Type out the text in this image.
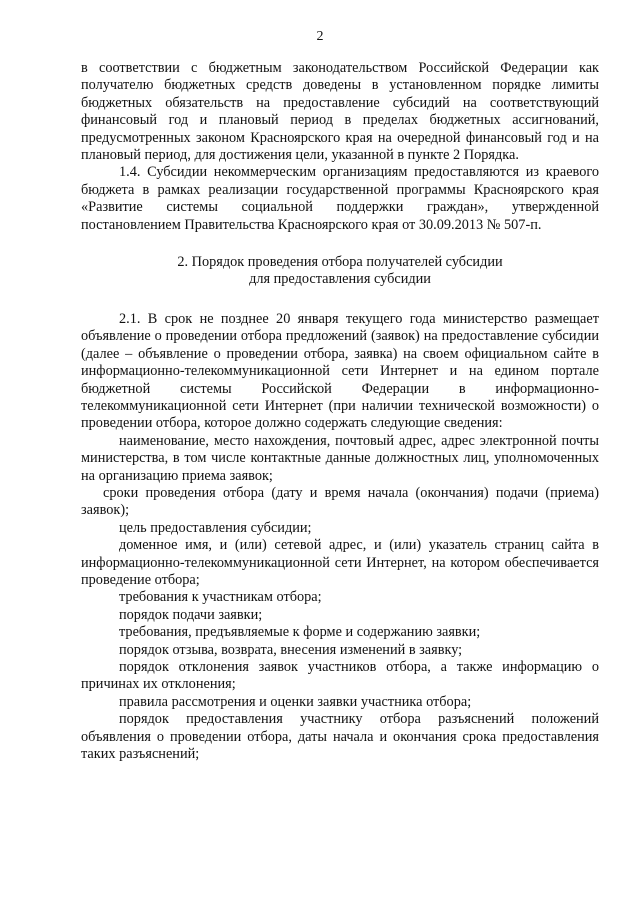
2

в соответствии с бюджетным законодательством Российской Федерации как получателю бюджетных средств доведены в установленном порядке лимиты бюджетных обязательств на предоставление субсидий на соответствующий финансовый год и плановый период в пределах бюджетных ассигнований, предусмотренных законом Красноярского края на очередной финансовый год и на плановый период, для достижения цели, указанной в пункте 2 Порядка.

1.4. Субсидии некоммерческим организациям предоставляются из краевого бюджета в рамках реализации государственной программы Красноярского края «Развитие системы социальной поддержки граждан», утвержденной постановлением Правительства Красноярского края от 30.09.2013 № 507-п.

2. Порядок проведения отбора получателей субсидии
для предоставления субсидии

2.1. В срок не позднее 20 января текущего года министерство размещает объявление о проведении отбора предложений (заявок) на предоставление субсидии (далее – объявление о проведении отбора, заявка) на своем официальном сайте в информационно-телекоммуникационной сети Интернет и на едином портале бюджетной системы Российской Федерации в информационно-телекоммуникационной сети Интернет (при наличии технической возможности) о проведении отбора, которое должно содержать следующие сведения:

наименование, место нахождения, почтовый адрес, адрес электронной почты министерства, в том числе контактные данные должностных лиц, уполномоченных на организацию приема заявок;

сроки проведения отбора (дату и время начала (окончания) подачи (приема) заявок);

цель предоставления субсидии;

доменное имя, и (или) сетевой адрес, и (или) указатель страниц сайта в информационно-телекоммуникационной сети Интернет, на котором обеспечивается проведение отбора;

требования к участникам отбора;

порядок подачи заявки;

требования, предъявляемые к форме и содержанию заявки;

порядок отзыва, возврата, внесения изменений в заявку;

порядок отклонения заявок участников отбора, а также информацию о причинах их отклонения;

правила рассмотрения и оценки заявки участника отбора;

порядок предоставления участнику отбора разъяснений положений объявления о проведении отбора, даты начала и окончания срока предоставления таких разъяснений;
